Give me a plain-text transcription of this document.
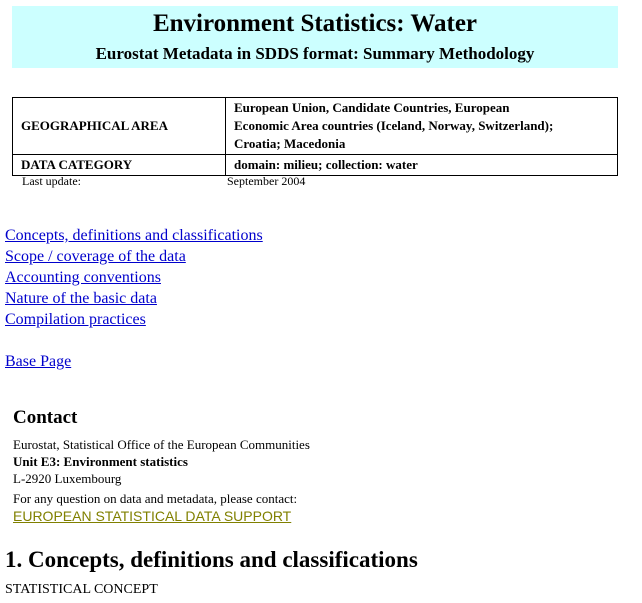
Environment Statistics: Water
Eurostat Metadata in SDDS format: Summary Methodology
GEOGRAPHICAL AREA	European Union, Candidate Countries, European
Economic Area countries (Iceland, Norway, Switzerland);
Croatia; Macedonia

DATA CATEGORY	domain: milieu; collection: water
Last update:	September 2004
Concepts, definitions and classifications
Scope / coverage of the data
Accounting conventions
Nature of the basic data
Compilation practices
Base Page
Contact
Eurostat, Statistical Office of the European Communities
Unit E3: Environment statistics
L-2920 Luxembourg
For any question on data and metadata, please contact:
EUROPEAN STATISTICAL DATA SUPPORT
1. Concepts, definitions and classifications
STATISTICAL CONCEPT
